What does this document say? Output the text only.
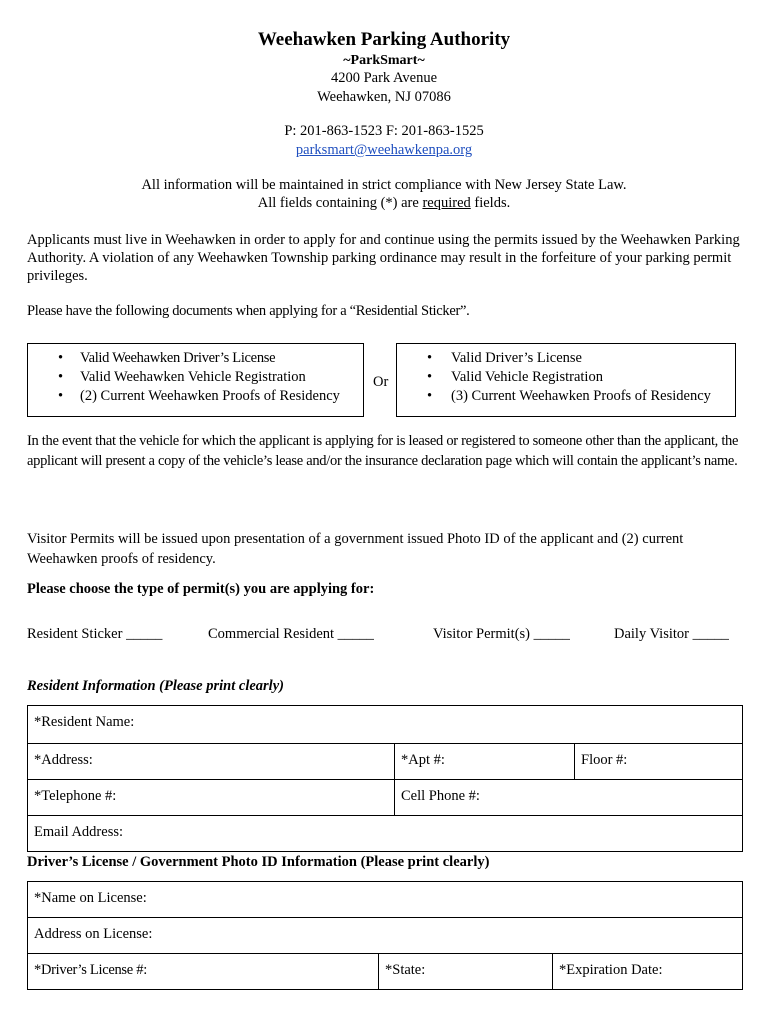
Weehawken Parking Authority
~ParkSmart~
4200 Park Avenue
Weehawken, NJ 07086
P: 201-863-1523 F: 201-863-1525
parksmart@weehawkenpa.org
All information will be maintained in strict compliance with New Jersey State Law.
All fields containing (*) are required fields.
Applicants must live in Weehawken in order to apply for and continue using the permits issued by the Weehawken Parking Authority. A violation of any Weehawken Township parking ordinance may result in the forfeiture of your parking permit privileges.
Please have the following documents when applying for a “Residential Sticker”.
• Valid Weehawken Driver’s License
• Valid Weehawken Vehicle Registration
• (2) Current Weehawken Proofs of Residency
Or
• Valid Driver’s License
• Valid Vehicle Registration
• (3) Current Weehawken Proofs of Residency
In the event that the vehicle for which the applicant is applying for is leased or registered to someone other than the applicant, the applicant will present a copy of the vehicle’s lease and/or the insurance declaration page which will contain the applicant’s name.
Visitor Permits will be issued upon presentation of a government issued Photo ID of the applicant and (2) current Weehawken proofs of residency.
Please choose the type of permit(s) you are applying for:
Resident Sticker _____	Commercial Resident _____	Visitor Permit(s) _____	Daily Visitor _____
Resident Information (Please print clearly)
*Resident Name:		
*Address:	*Apt #:	Floor #:
*Telephone #:	Cell Phone #:	
Email Address:		
Driver’s License / Government Photo ID Information (Please print clearly)
*Name on License:
Address on License:
*Driver’s License #:	*State:	*Expiration Date:
